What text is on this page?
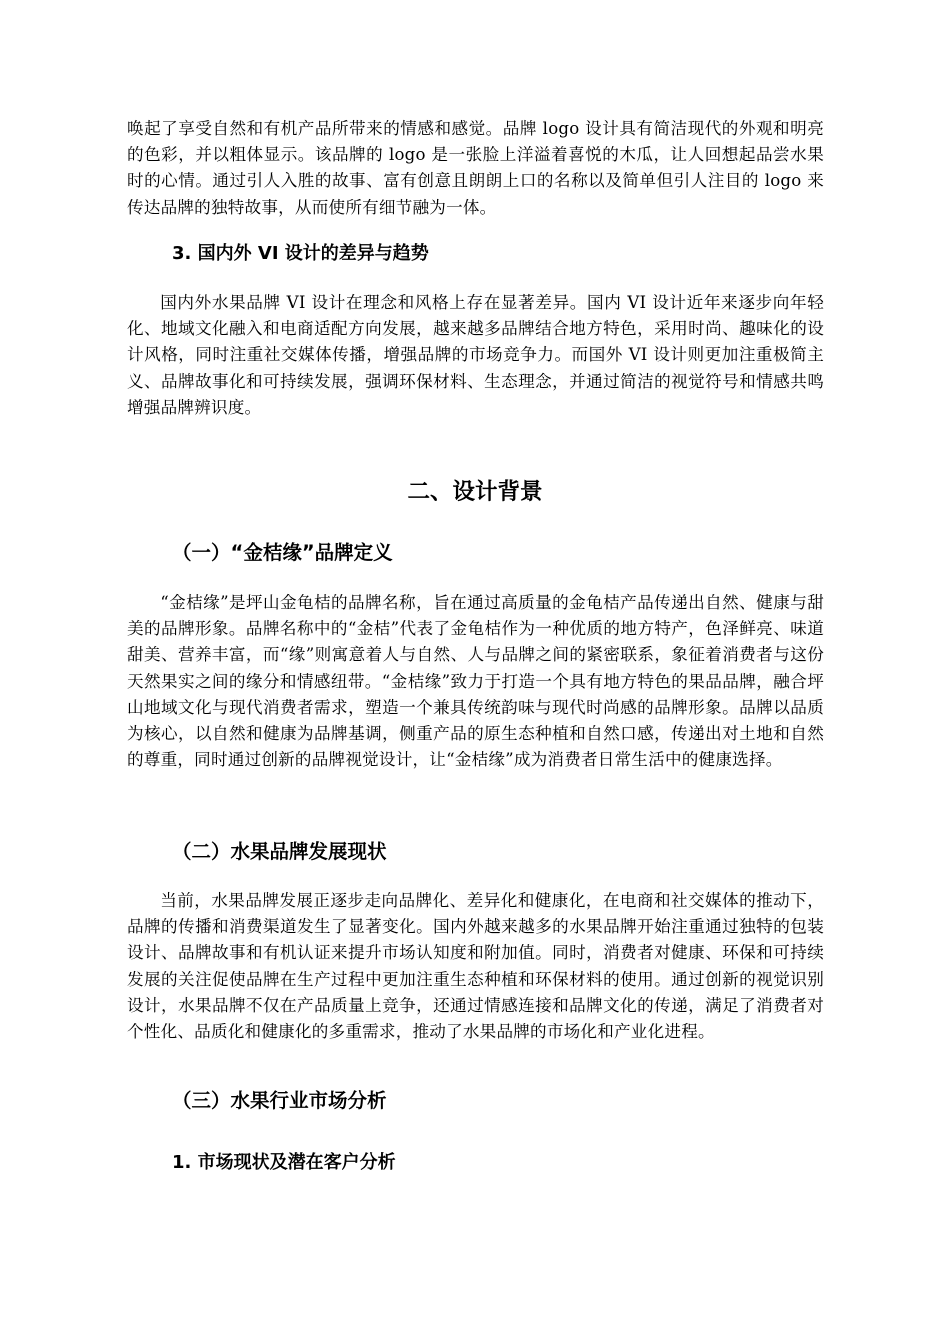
唤起了享受自然和有机产品所带来的情感和感觉。品牌 logo 设计具有简洁现代的外观和明亮的色彩，并以粗体显示。该品牌的 logo 是一张脸上洋溢着喜悦的木瓜，让人回想起品尝水果时的心情。通过引人入胜的故事、富有创意且朗朗上口的名称以及简单但引人注目的 logo 来传达品牌的独特故事，从而使所有细节融为一体。

3. 国内外 VI 设计的差异与趋势

国内外水果品牌 VI 设计在理念和风格上存在显著差异。国内 VI 设计近年来逐步向年轻化、地域文化融入和电商适配方向发展，越来越多品牌结合地方特色，采用时尚、趣味化的设计风格，同时注重社交媒体传播，增强品牌的市场竞争力。而国外 VI 设计则更加注重极简主义、品牌故事化和可持续发展，强调环保材料、生态理念，并通过简洁的视觉符号和情感共鸣增强品牌辨识度。

二、设计背景
（一）“金桔缘”品牌定义

“金桔缘”是坪山金龟桔的品牌名称，旨在通过高质量的金龟桔产品传递出自然、健康与甜美的品牌形象。品牌名称中的“金桔”代表了金龟桔作为一种优质的地方特产，色泽鲜亮、味道甜美、营养丰富，而“缘”则寓意着人与自然、人与品牌之间的紧密联系，象征着消费者与这份天然果实之间的缘分和情感纽带。“金桔缘”致力于打造一个具有地方特色的果品品牌，融合坪山地域文化与现代消费者需求，塑造一个兼具传统韵味与现代时尚感的品牌形象。品牌以品质为核心，以自然和健康为品牌基调，侧重产品的原生态种植和自然口感，传递出对土地和自然的尊重，同时通过创新的品牌视觉设计，让“金桔缘”成为消费者日常生活中的健康选择。

（二）水果品牌发展现状

当前，水果品牌发展正逐步走向品牌化、差异化和健康化，在电商和社交媒体的推动下，品牌的传播和消费渠道发生了显著变化。国内外越来越多的水果品牌开始注重通过独特的包装设计、品牌故事和有机认证来提升市场认知度和附加值。同时，消费者对健康、环保和可持续发展的关注促使品牌在生产过程中更加注重生态种植和环保材料的使用。通过创新的视觉识别设计，水果品牌不仅在产品质量上竞争，还通过情感连接和品牌文化的传递，满足了消费者对个性化、品质化和健康化的多重需求，推动了水果品牌的市场化和产业化进程。

（三）水果行业市场分析
1. 市场现状及潜在客户分析
